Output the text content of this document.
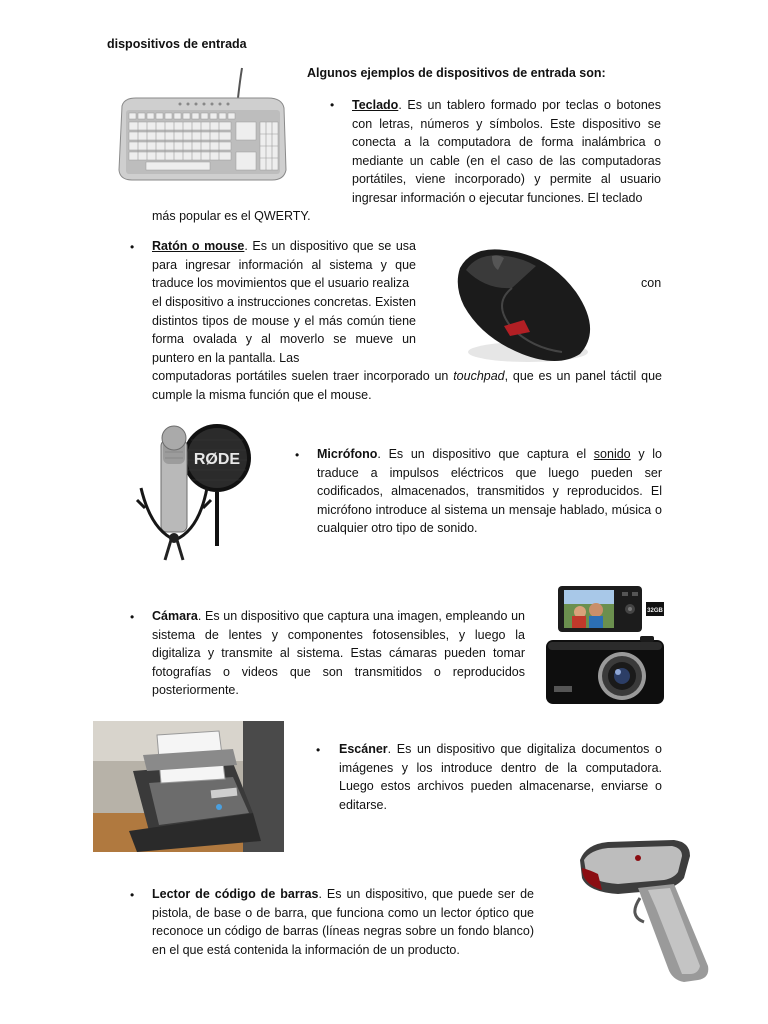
dispositivos de entrada
Algunos ejemplos de dispositivos de entrada son:
• Teclado. Es un tablero formado por teclas o botones con letras, números y símbolos. Este dispositivo se conecta a la computadora de forma inalámbrica o mediante un cable (en el caso de las computadoras portátiles, viene incorporado) y permite al usuario ingresar información o ejecutar funciones. El teclado
más popular es el QWERTY.
• Ratón o mouse. Es un dispositivo que se usa para ingresar información al sistema y que traduce los movimientos que el usuario realiza	con
el dispositivo a instrucciones concretas. Existen distintos tipos de mouse y el más común tiene forma ovalada y al moverlo se mueve un puntero en la pantalla. Las
computadoras portátiles suelen traer incorporado un touchpad, que es un panel táctil que cumple la misma función que el mouse.
RØDE	• Micrófono. Es un dispositivo que captura el sonido y lo traduce a impulsos eléctricos que luego pueden ser codificados, almacenados, transmitidos y reproducidos. El micrófono introduce al sistema un mensaje hablado, música o cualquier otro tipo de sonido.
32GB
• Cámara. Es un dispositivo que captura una imagen, empleando un sistema de lentes y componentes fotosensibles, y luego la digitaliza y transmite al sistema. Estas cámaras pueden tomar fotografías o videos que son transmitidos o reproducidos posteriormente.
• Escáner. Es un dispositivo que digitaliza documentos o imágenes y los introduce dentro de la computadora. Luego estos archivos pueden almacenarse, enviarse o editarse.
• Lector de código de barras. Es un dispositivo, que puede ser de pistola, de base o de barra, que funciona como un lector óptico que reconoce un código de barras (líneas negras sobre un fondo blanco) en el que está contenida la información de un producto.
